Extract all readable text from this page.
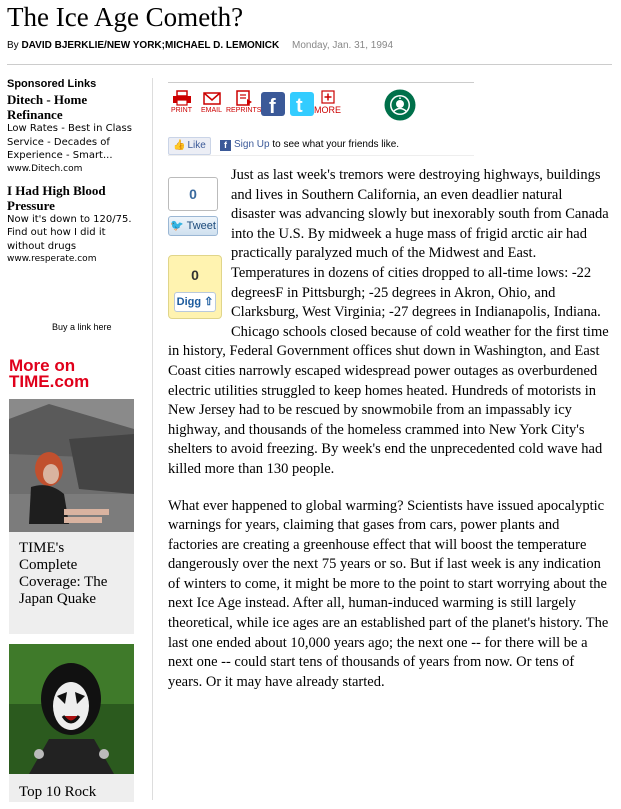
The Ice Age Cometh?
By DAVID BJERKLIE/NEW YORK;MICHAEL D. LEMONICK Monday, Jan. 31, 1994
Sponsored Links
Ditech - Home Refinance
Low Rates - Best in Class Service - Decades of Experience - Smart...
www.Ditech.com
I Had High Blood Pressure
Now it's down to 120/75. Find out how I did it without drugs
www.resperate.com
Buy a link here
More on
TIME.com
TIME's Complete Coverage: The Japan Quake
Top 10 Rock
PRINT EMAIL REPRINTS f t MORE
👍 Like	f Sign Up to see what your friends like.
0
🐦 Tweet
0
Digg ⇧

Just as last week's tremors were destroying highways, buildings and lives in Southern California, an even deadlier natural disaster was advancing slowly but inexorably south from Canada into the U.S. By midweek a huge mass of frigid arctic air had practically paralyzed much of the Midwest and East. Temperatures in dozens of cities dropped to all-time lows: -22 degreesF in Pittsburgh; -25 degrees in Akron, Ohio, and Clarksburg, West Virginia; -27 degrees in Indianapolis, Indiana. Chicago schools closed because of cold weather for the first time in history, Federal Government offices shut down in Washington, and East Coast cities narrowly escaped widespread power outages as overburdened electric utilities struggled to keep homes heated. Hundreds of motorists in New Jersey had to be rescued by snowmobile from an impassably icy highway, and thousands of the homeless crammed into New York City's shelters to avoid freezing. By week's end the unprecedented cold wave had killed more than 130 people.

What ever happened to global warming? Scientists have issued apocalyptic warnings for years, claiming that gases from cars, power plants and factories are creating a greenhouse effect that will boost the temperature dangerously over the next 75 years or so. But if last week is any indication of winters to come, it might be more to the point to start worrying about the next Ice Age instead. After all, human-induced warming is still largely theoretical, while ice ages are an established part of the planet's history. The last one ended about 10,000 years ago; the next one -- for there will be a next one -- could start tens of thousands of years from now. Or tens of years. Or it may have already started.
